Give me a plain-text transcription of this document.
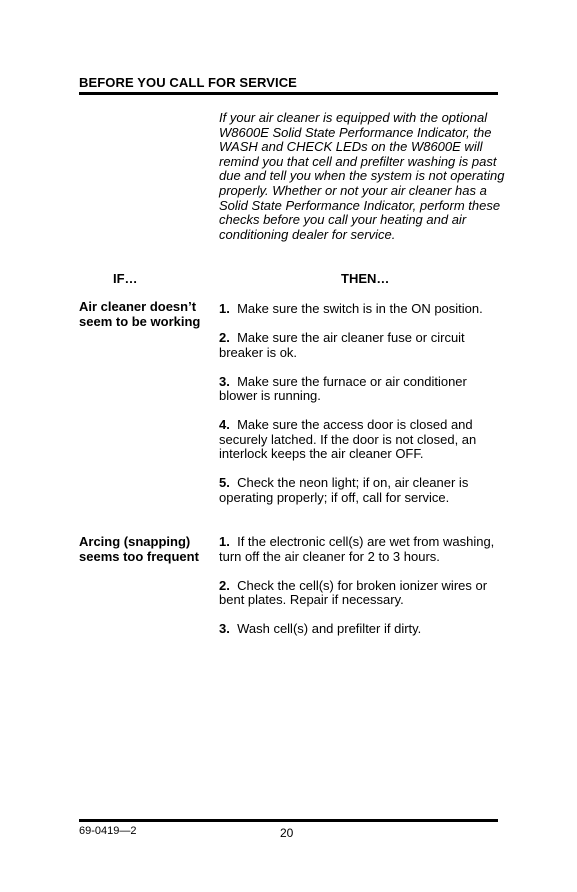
BEFORE YOU CALL FOR SERVICE
If your air cleaner is equipped with the optional W8600E Solid State Performance Indicator, the WASH and CHECK LEDs on the W8600E will remind you that cell and prefilter washing is past due and tell you when the system is not operating properly. Whether or not your air cleaner has a Solid State Performance Indicator, perform these checks before you call your heating and air conditioning dealer for service.
IF…	THEN…
Air cleaner doesn’t seem to be working
1. Make sure the switch is in the ON position.
2. Make sure the air cleaner fuse or circuit breaker is ok.
3. Make sure the furnace or air conditioner blower is running.
4. Make sure the access door is closed and securely latched. If the door is not closed, an interlock keeps the air cleaner OFF.
5. Check the neon light; if on, air cleaner is operating properly; if off, call for service.
Arcing (snapping) seems too frequent
1. If the electronic cell(s) are wet from washing, turn off the air cleaner for 2 to 3 hours.
2. Check the cell(s) for broken ionizer wires or bent plates. Repair if necessary.
3. Wash cell(s) and prefilter if dirty.
69-0419—2	20
